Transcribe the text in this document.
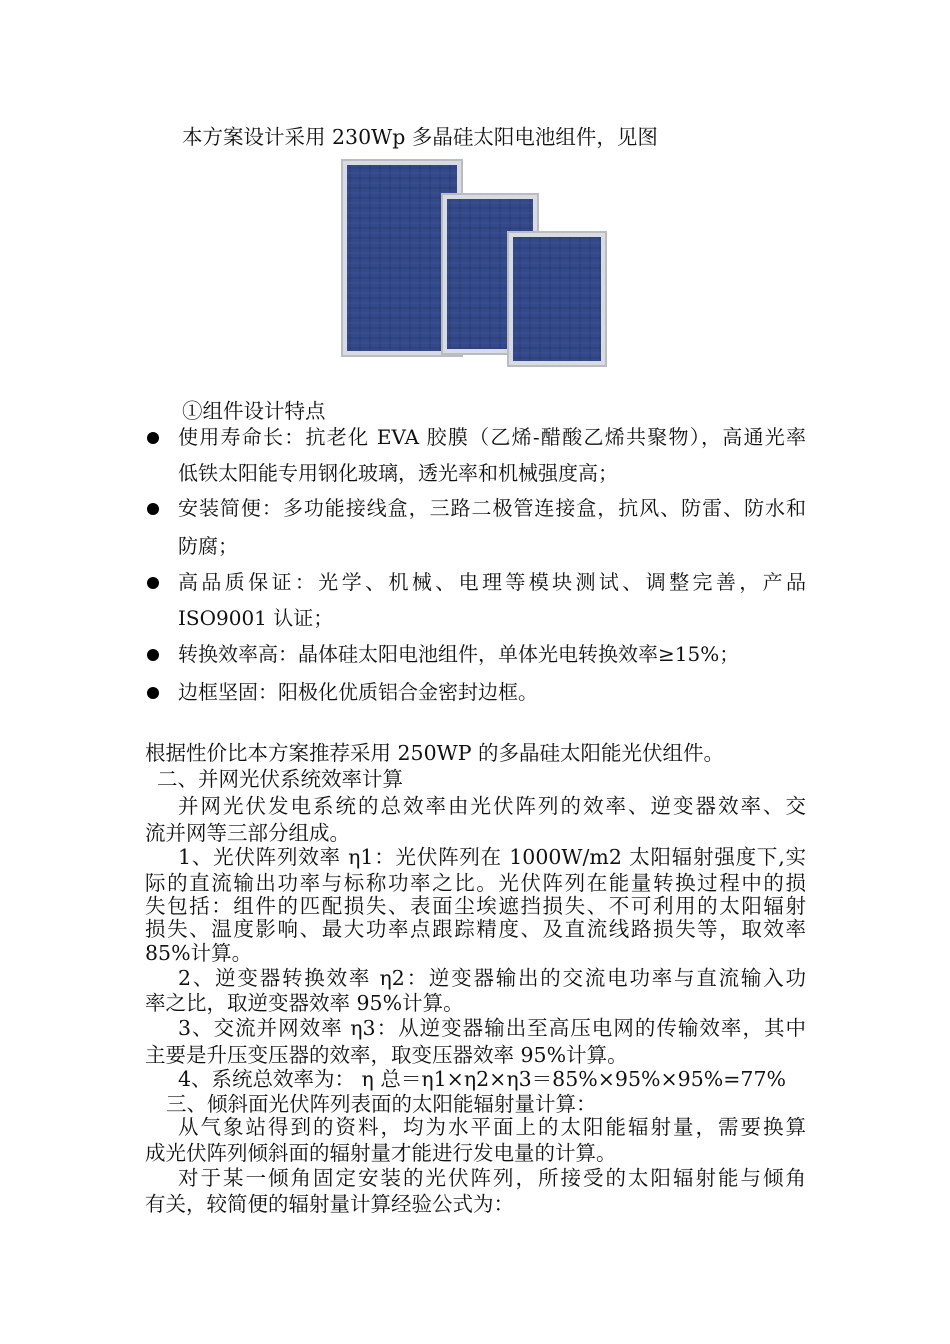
本方案设计采用 230Wp 多晶硅太阳电池组件，见图
①组件设计特点
使用寿命长：抗老化 EVA 胶膜（乙烯-醋酸乙烯共聚物），高通光率
低铁太阳能专用钢化玻璃，透光率和机械强度高；
安装简便：多功能接线盒，三路二极管连接盒，抗风、防雷、防水和
防腐；
高品质保证：光学、机械、电理等模块测试、调整完善，产品
ISO9001 认证；
转换效率高：晶体硅太阳电池组件，单体光电转换效率≥15%；
边框坚固：阳极化优质铝合金密封边框。
根据性价比本方案推荐采用 250WP 的多晶硅太阳能光伏组件。
二、并网光伏系统效率计算
并网光伏发电系统的总效率由光伏阵列的效率、逆变器效率、交
流并网等三部分组成。
1、光伏阵列效率 η1：光伏阵列在 1000W/m2 太阳辐射强度下,实
际的直流输出功率与标称功率之比。光伏阵列在能量转换过程中的损
失包括：组件的匹配损失、表面尘埃遮挡损失、不可利用的太阳辐射
损失、温度影响、最大功率点跟踪精度、及直流线路损失等，取效率
85%计算。
2、逆变器转换效率 η2：逆变器输出的交流电功率与直流输入功
率之比，取逆变器效率 95%计算。
3、交流并网效率 η3：从逆变器输出至高压电网的传输效率，其中
主要是升压变压器的效率，取变压器效率 95%计算。
4、系统总效率为： η 总＝η1×η2×η3＝85%×95%×95%=77%
三、倾斜面光伏阵列表面的太阳能辐射量计算：
从气象站得到的资料，均为水平面上的太阳能辐射量，需要换算
成光伏阵列倾斜面的辐射量才能进行发电量的计算。
对于某一倾角固定安装的光伏阵列，所接受的太阳辐射能与倾角
有关，较简便的辐射量计算经验公式为：
